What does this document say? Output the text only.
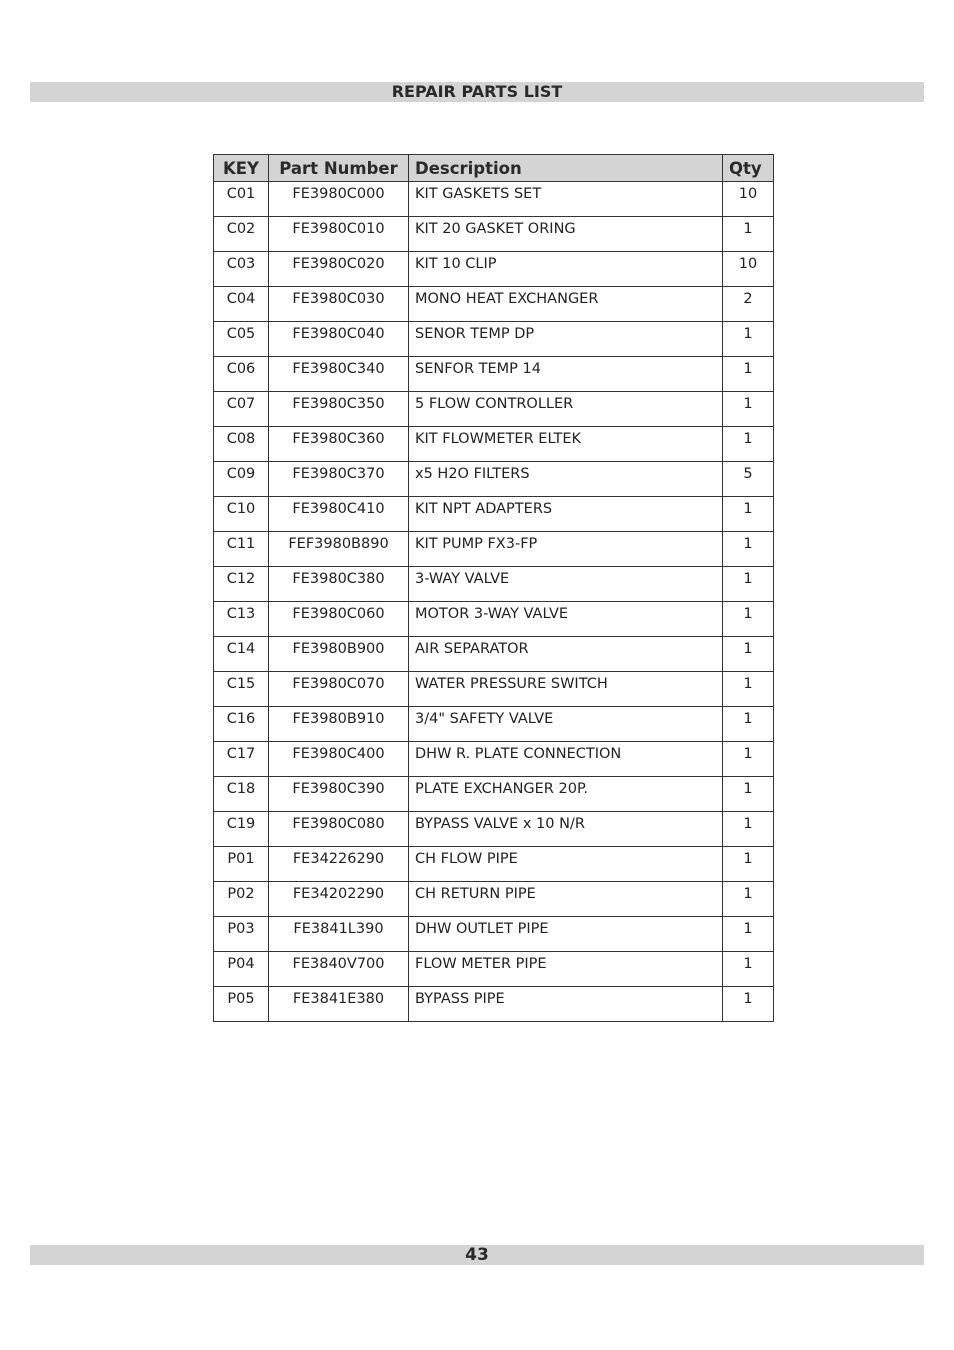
REPAIR PARTS LIST
KEY	Part Number	Description	Qty
C01	FE3980C000	KIT GASKETS SET	10
C02	FE3980C010	KIT 20 GASKET ORING	1
C03	FE3980C020	KIT 10 CLIP	10
C04	FE3980C030	MONO HEAT EXCHANGER	2
C05	FE3980C040	SENOR TEMP DP	1
C06	FE3980C340	SENFOR TEMP 14	1
C07	FE3980C350	5 FLOW CONTROLLER	1
C08	FE3980C360	KIT FLOWMETER ELTEK	1
C09	FE3980C370	x5 H2O FILTERS	5
C10	FE3980C410	KIT NPT ADAPTERS	1
C11	FEF3980B890	KIT PUMP FX3-FP	1
C12	FE3980C380	3-WAY VALVE	1
C13	FE3980C060	MOTOR 3-WAY VALVE	1
C14	FE3980B900	AIR SEPARATOR	1
C15	FE3980C070	WATER PRESSURE SWITCH	1
C16	FE3980B910	3/4" SAFETY VALVE	1
C17	FE3980C400	DHW R. PLATE CONNECTION	1
C18	FE3980C390	PLATE EXCHANGER 20P.	1
C19	FE3980C080	BYPASS VALVE x 10 N/R	1
P01	FE34226290	CH FLOW PIPE	1
P02	FE34202290	CH RETURN PIPE	1
P03	FE3841L390	DHW OUTLET PIPE	1
P04	FE3840V700	FLOW METER PIPE	1
P05	FE3841E380	BYPASS PIPE	1
43
